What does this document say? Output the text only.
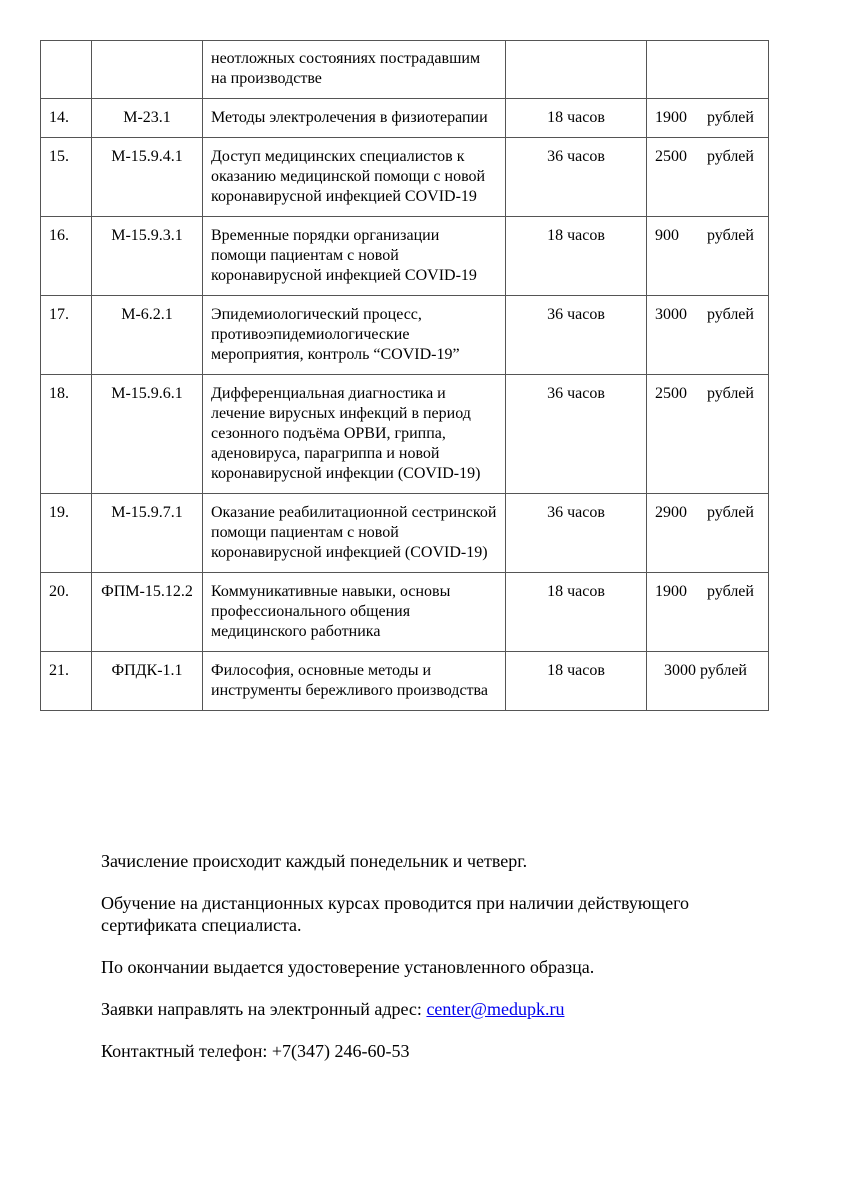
		неотложных состояниях пострадавшим на производстве		
14.	М-23.1	Методы электролечения в физиотерапии	18 часов	1900 рублей
15.	М-15.9.4.1	Доступ медицинских специалистов к оказанию медицинской помощи с новой коронавирусной инфекцией COVID-19	36 часов	2500 рублей
16.	М-15.9.3.1	Временные порядки организации помощи пациентам с новой коронавирусной инфекцией COVID-19	18 часов	900 рублей
17.	М-6.2.1	Эпидемиологический процесс, противоэпидемиологические мероприятия, контроль “COVID-19”	36 часов	3000 рублей
18.	М-15.9.6.1	Дифференциальная диагностика и лечение вирусных инфекций в период сезонного подъёма ОРВИ, гриппа, аденовируса, парагриппа и новой коронавирусной инфекции (COVID-19)	36 часов	2500 рублей
19.	М-15.9.7.1	Оказание реабилитационной сестринской помощи пациентам с новой коронавирусной инфекцией (COVID-19)	36 часов	2900 рублей
20.	ФПМ-15.12.2	Коммуникативные навыки, основы профессионального общения медицинского работника	18 часов	1900 рублей
21.	ФПДК-1.1	Философия, основные методы и инструменты бережливого производства	18 часов	3000 рублей

Зачисление происходит каждый понедельник и четверг.

Обучение на дистанционных курсах проводится при наличии действующего сертификата специалиста.

По окончании выдается удостоверение установленного образца.

Заявки направлять на электронный адрес: center@medupk.ru

Контактный телефон: +7(347) 246-60-53
